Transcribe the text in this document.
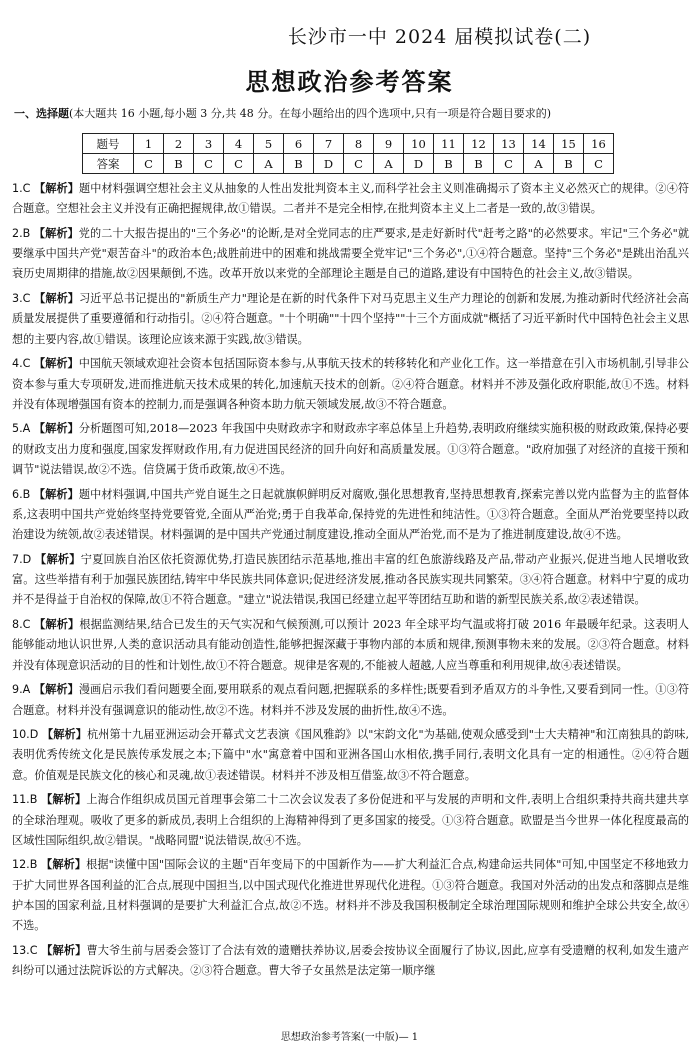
长沙市一中 2024 届模拟试卷(二)
思想政治参考答案
一、选择题(本大题共 16 小题,每小题 3 分,共 48 分。在每小题给出的四个选项中,只有一项是符合题目要求的)
题号	1	2	3	4	5	6	7	8	9	10	11	12	13	14	15	16
答案	C	B	C	C	A	B	D	C	A	D	B	B	C	A	B	C

1.C 【解析】题中材料强调空想社会主义从抽象的人性出发批判资本主义,而科学社会主义则准确揭示了资本主义必然灭亡的规律。②④符合题意。空想社会主义并没有正确把握规律,故①错误。二者并不是完全相悖,在批判资本主义上二者是一致的,故③错误。

2.B 【解析】党的二十大报告提出的"三个务必"的论断,是对全党同志的庄严要求,是走好新时代"赶考之路"的必然要求。牢记"三个务必"就要继承中国共产党"艰苦奋斗"的政治本色;战胜前进中的困难和挑战需要全党牢记"三个务必",①④符合题意。坚持"三个务必"是跳出治乱兴衰历史周期律的措施,故②因果颠倒,不选。改革开放以来党的全部理论主题是自己的道路,建设有中国特色的社会主义,故③错误。

3.C 【解析】习近平总书记提出的"新质生产力"理论是在新的时代条件下对马克思主义生产力理论的创新和发展,为推动新时代经济社会高质量发展提供了重要遵循和行动指引。②④符合题意。"十个明确""十四个坚持""十三个方面成就"概括了习近平新时代中国特色社会主义思想的主要内容,故①错误。该理论应该来源于实践,故③错误。

4.C 【解析】中国航天领域欢迎社会资本包括国际资本参与,从事航天技术的转移转化和产业化工作。这一举措意在引入市场机制,引导非公资本参与重大专项研发,进而推进航天技术成果的转化,加速航天技术的创新。②④符合题意。材料并不涉及强化政府职能,故①不选。材料并没有体现增强国有资本的控制力,而是强调各种资本助力航天领域发展,故③不符合题意。

5.A 【解析】分析题图可知,2018—2023 年我国中央财政赤字和财政赤字率总体呈上升趋势,表明政府继续实施积极的财政政策,保持必要的财政支出力度和强度,国家发挥财政作用,有力促进国民经济的回升向好和高质量发展。①③符合题意。"政府加强了对经济的直接干预和调节"说法错误,故②不选。信贷属于货币政策,故④不选。

6.B 【解析】题中材料强调,中国共产党自诞生之日起就旗帜鲜明反对腐败,强化思想教育,坚持思想教育,探索完善以党内监督为主的监督体系,这表明中国共产党始终坚持党要管党,全面从严治党;勇于自我革命,保持党的先进性和纯洁性。①③符合题意。全面从严治党要坚持以政治建设为统领,故②表述错误。材料强调的是中国共产党通过制度建设,推动全面从严治党,而不是为了推进制度建设,故④不选。

7.D 【解析】宁夏回族自治区依托资源优势,打造民族团结示范基地,推出丰富的红色旅游线路及产品,带动产业振兴,促进当地人民增收致富。这些举措有利于加强民族团结,铸牢中华民族共同体意识;促进经济发展,推动各民族实现共同繁荣。③④符合题意。材料中宁夏的成功并不是得益于自治权的保障,故①不符合题意。"建立"说法错误,我国已经建立起平等团结互助和谐的新型民族关系,故②表述错误。

8.C 【解析】根据监测结果,结合已发生的天气实况和气候预测,可以预计 2023 年全球平均气温或将打破 2016 年最暖年纪录。这表明人能够能动地认识世界,人类的意识活动具有能动创造性,能够把握深藏于事物内部的本质和规律,预测事物未来的发展。②③符合题意。材料并没有体现意识活动的目的性和计划性,故①不符合题意。规律是客观的,不能被人超越,人应当尊重和利用规律,故④表述错误。

9.A 【解析】漫画启示我们看问题要全面,要用联系的观点看问题,把握联系的多样性;既要看到矛盾双方的斗争性,又要看到同一性。①③符合题意。材料并没有强调意识的能动性,故②不选。材料并不涉及发展的曲折性,故④不选。

10.D 【解析】杭州第十九届亚洲运动会开幕式文艺表演《国风雅韵》以"宋韵文化"为基础,使观众感受到"士大夫精神"和江南独具的韵味,表明优秀传统文化是民族传承发展之本;下篇中"水"寓意着中国和亚洲各国山水相依,携手同行,表明文化具有一定的相通性。②④符合题意。价值观是民族文化的核心和灵魂,故①表述错误。材料并不涉及相互借鉴,故③不符合题意。

11.B 【解析】上海合作组织成员国元首理事会第二十二次会议发表了多份促进和平与发展的声明和文件,表明上合组织秉持共商共建共享的全球治理观。吸收了更多的新成员,表明上合组织的上海精神得到了更多国家的接受。①③符合题意。欧盟是当今世界一体化程度最高的区域性国际组织,故②错误。"战略同盟"说法错误,故④不选。

12.B 【解析】根据"读懂中国"国际会议的主题"百年变局下的中国新作为——扩大利益汇合点,构建命运共同体"可知,中国坚定不移地致力于扩大同世界各国利益的汇合点,展现中国担当,以中国式现代化推进世界现代化进程。①③符合题意。我国对外活动的出发点和落脚点是维护本国的国家利益,且材料强调的是要扩大利益汇合点,故②不选。材料并不涉及我国积极制定全球治理国际规则和维护全球公共安全,故④不选。

13.C 【解析】曹大爷生前与居委会签订了合法有效的遗赠扶养协议,居委会按协议全面履行了协议,因此,应享有受遗赠的权利,如发生遗产纠纷可以通过法院诉讼的方式解决。②③符合题意。曹大爷子女虽然是法定第一顺序继

思想政治参考答案(一中版)— 1
